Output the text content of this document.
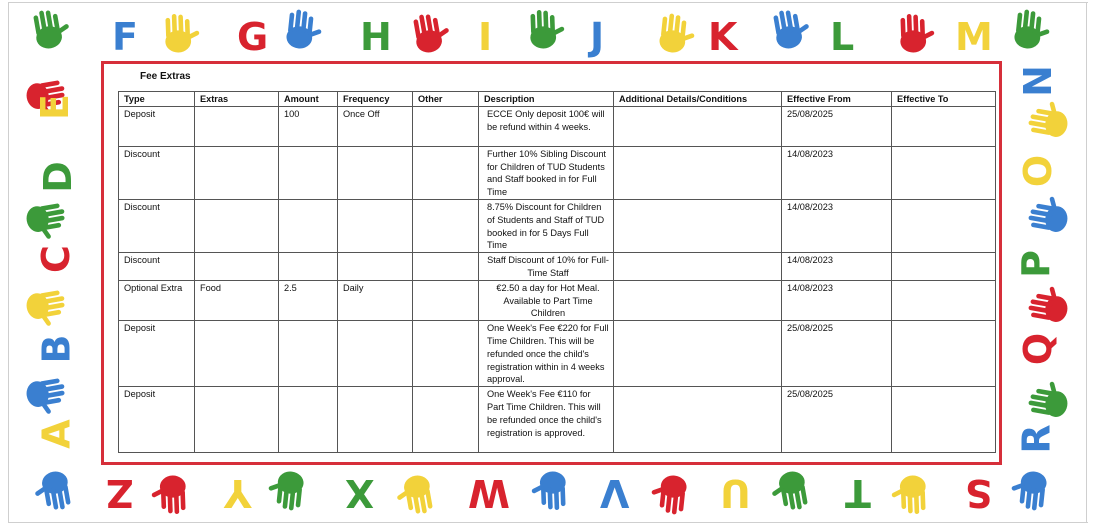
F	G H I	J	K L	M
E
D
C
B
A
N
O
P
Q
R
Z Y X W V U T S
Fee Extras
Type	Extras	Amount	Frequency	Other	Description	Additional Details/Conditions	Effective From	Effective To
Deposit		100	Once Off		ECCE Only deposit 100€ will be refund within 4 weeks.		25/08/2025	
Discount					Further 10% Sibling Discount for Children of TUD Students and Staff booked in for Full Time		14/08/2023	
Discount					8.75% Discount for Children of Students and Staff of TUD booked in for 5 Days Full Time		14/08/2023	
Discount					Staff Discount of 10% for Full-Time Staff		14/08/2023	
Optional Extra	Food	2.5	Daily		€2.50 a day for Hot Meal. Available to Part Time Children		14/08/2023	
Deposit					One Week's Fee €220 for Full Time Children. This will be refunded once the child's registration within in 4 weeks approval.		25/08/2025	
Deposit					One Week's Fee €110 for Part Time Children. This will be refunded once the child's registration is approved.		25/08/2025	
